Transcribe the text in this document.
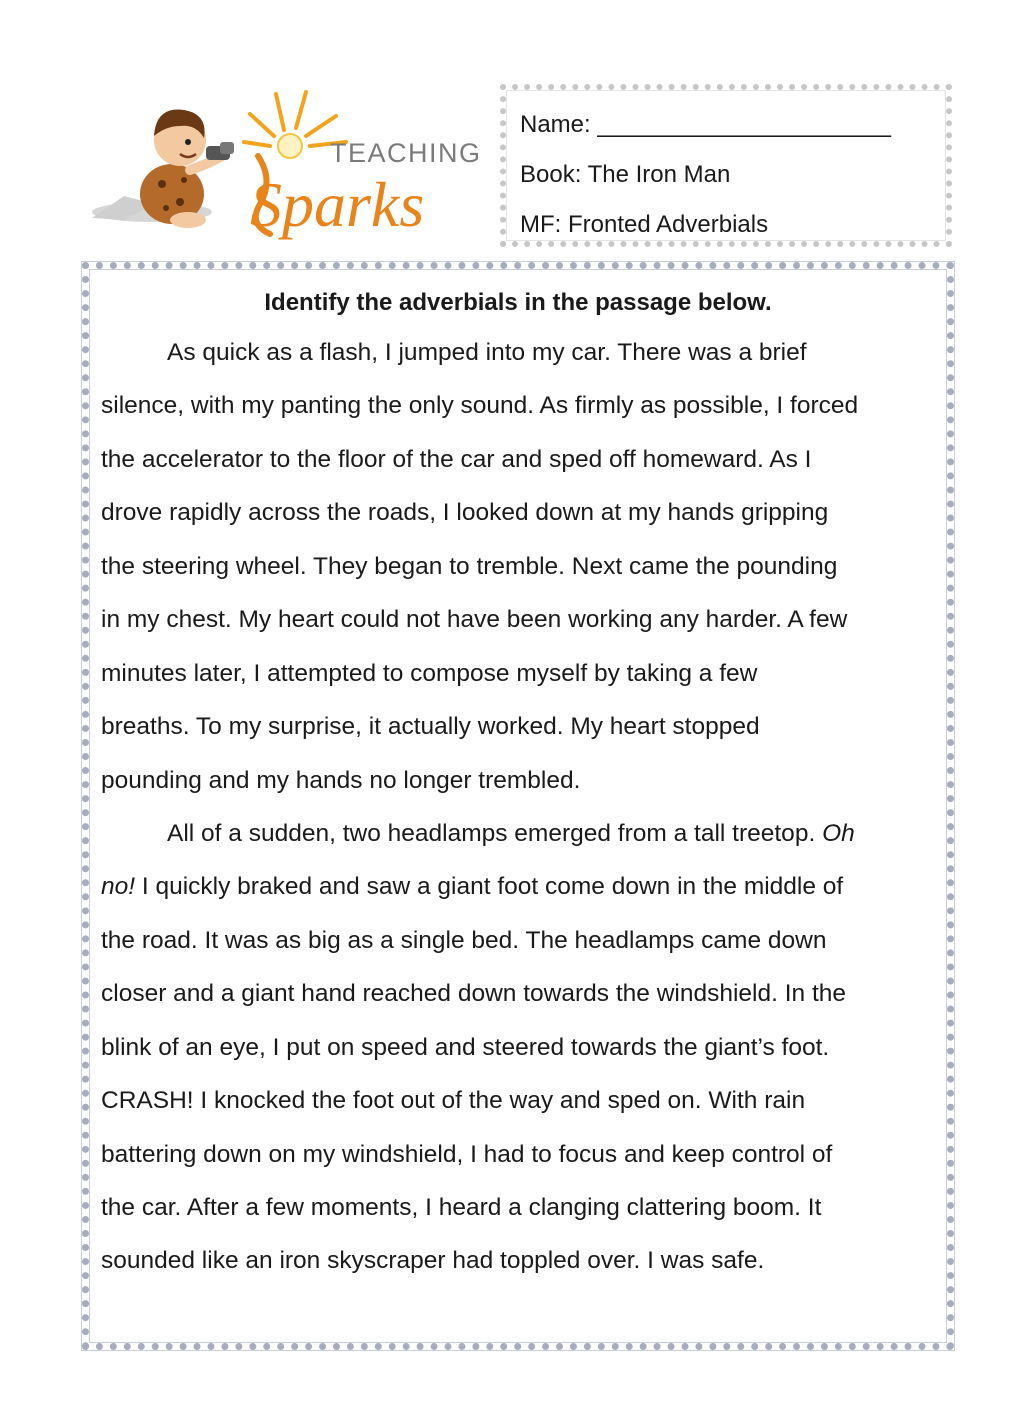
TEACHING
Sparks
Name: ______________________
Book: The Iron Man
MF: Fronted Adverbials
Identify the adverbials in the passage below.
As quick as a flash, I jumped into my car. There was a brief
silence, with my panting the only sound. As firmly as possible, I forced
the accelerator to the floor of the car and sped off homeward. As I
drove rapidly across the roads, I looked down at my hands gripping
the steering wheel. They began to tremble. Next came the pounding
in my chest. My heart could not have been working any harder. A few
minutes later, I attempted to compose myself by taking a few
breaths. To my surprise, it actually worked. My heart stopped
pounding and my hands no longer trembled.
All of a sudden, two headlamps emerged from a tall treetop. Oh
no! I quickly braked and saw a giant foot come down in the middle of
the road. It was as big as a single bed. The headlamps came down
closer and a giant hand reached down towards the windshield. In the
blink of an eye, I put on speed and steered towards the giant’s foot.
CRASH! I knocked the foot out of the way and sped on. With rain
battering down on my windshield, I had to focus and keep control of
the car. After a few moments, I heard a clanging clattering boom. It
sounded like an iron skyscraper had toppled over. I was safe.
